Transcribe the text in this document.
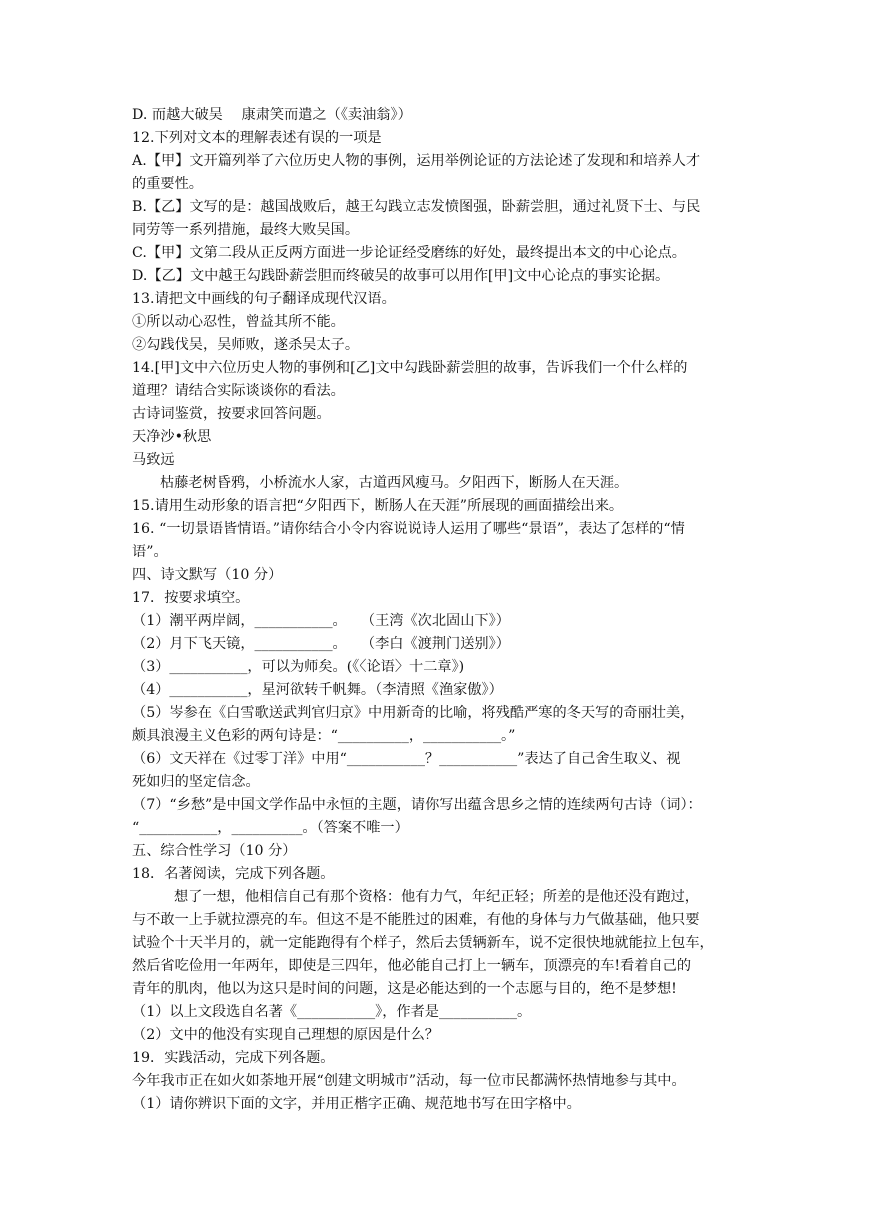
D. 而越大破吴　 康肃笑而遣之（《卖油翁》）
12.下列对文本的理解表述有误的一项是
A.【甲】文开篇列举了六位历史人物的事例，运用举例论证的方法论述了发现和和培养人才
的重要性。
B.【乙】文写的是：越国战败后，越王勾践立志发愤图强，卧薪尝胆，通过礼贤下士、与民
同劳等一系列措施，最终大败吴国。
C.【甲】文第二段从正反两方面进一步论证经受磨练的好处，最终提出本文的中心论点。
D.【乙】文中越王勾践卧薪尝胆而终破吴的故事可以用作[甲]文中心论点的事实论据。
13.请把文中画线的句子翻译成现代汉语。
①所以动心忍性，曾益其所不能。
②勾践伐吴，吴师败，遂杀吴太子。
14.[甲]文中六位历史人物的事例和[乙]文中勾践卧薪尝胆的故事，告诉我们一个什么样的
道理？请结合实际谈谈你的看法。
古诗词鉴赏，按要求回答问题。
天净沙•秋思
马致远
枯藤老树昏鸦，小桥流水人家，古道西风瘦马。夕阳西下，断肠人在天涯。
15.请用生动形象的语言把“夕阳西下，断肠人在天涯”所展现的画面描绘出来。
16. “一切景语皆情语。”请你结合小令内容说说诗人运用了哪些“景语”，表达了怎样的“情
语”。
四、诗文默写（10 分）
17．按要求填空。
（1）潮平两岸阔，___________。　　（王湾《次北固山下》）
（2）月下飞天镜，___________。　　（李白《渡荆门送别》）
（3）___________，可以为师矣。(《〈论语〉十二章》)
（4）___________，星河欲转千帆舞。（李清照《渔家傲》）
（5）岑参在《白雪歌送武判官归京》中用新奇的比喻，将残酷严寒的冬天写的奇丽壮美，
颇具浪漫主义色彩的两句诗是：“__________，___________。”
（6）文天祥在《过零丁洋》中用“___________？___________”表达了自己舍生取义、视
死如归的坚定信念。
（7）“乡愁”是中国文学作品中永恒的主题，请你写出蕴含思乡之情的连续两句古诗（词）：
“___________，__________。（答案不唯一）
五、综合性学习（10 分）
18．名著阅读，完成下列各题。
想了一想，他相信自己有那个资格：他有力气，年纪正轻；所差的是他还没有跑过，
与不敢一上手就拉漂亮的车。但这不是不能胜过的困难，有他的身体与力气做基础，他只要
试验个十天半月的，就一定能跑得有个样子，然后去赁辆新车，说不定很快地就能拉上包车，
然后省吃俭用一年两年，即使是三四年，他必能自己打上一辆车，顶漂亮的车!看着自己的
青年的肌肉，他以为这只是时间的问题，这是必能达到的一个志愿与目的，绝不是梦想!
（1）以上文段选自名著《___________》，作者是___________。
（2）文中的他没有实现自己理想的原因是什么？
19．实践活动，完成下列各题。
今年我市正在如火如荼地开展“创建文明城市”活动，每一位市民都满怀热情地参与其中。
（1）请你辨识下面的文字，并用正楷字正确、规范地书写在田字格中。
